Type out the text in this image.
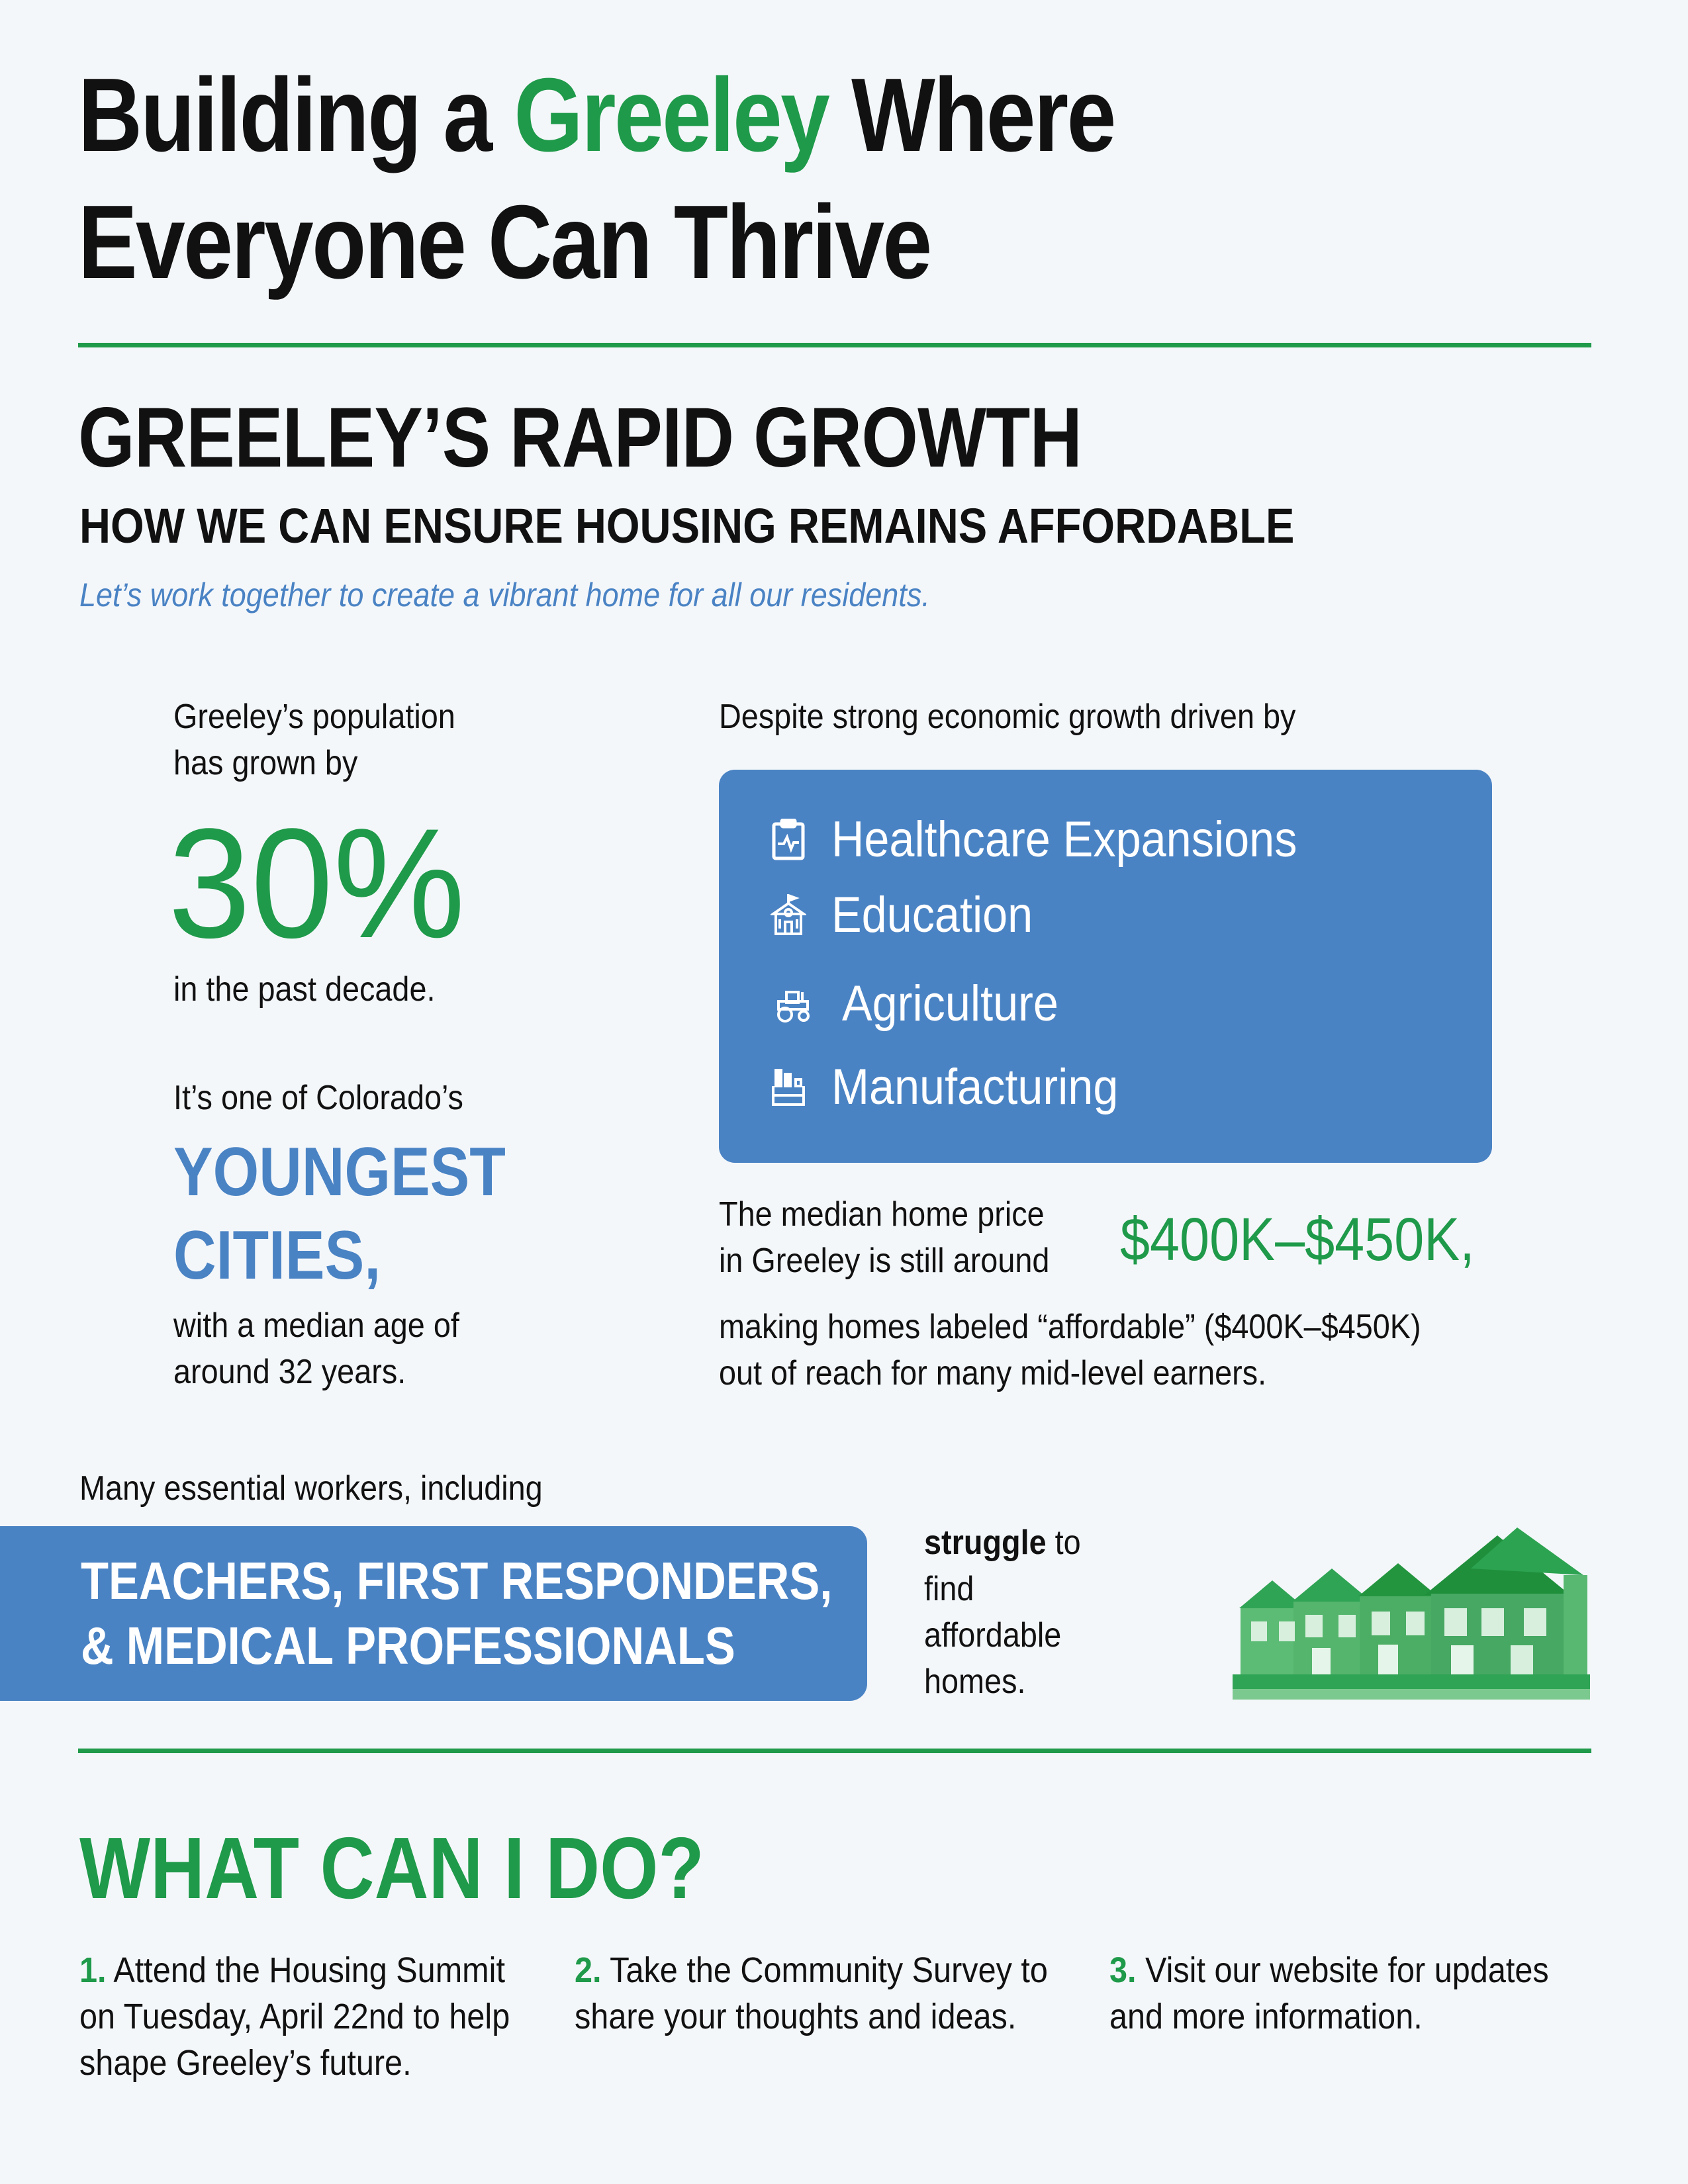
Building a Greeley Where
Everyone Can Thrive
GREELEY’S RAPID GROWTH
HOW WE CAN ENSURE HOUSING REMAINS AFFORDABLE
Let’s work together to create a vibrant home for all our residents.
Greeley’s population
has grown by
30%
in the past decade.
It’s one of Colorado’s
YOUNGEST
CITIES,
with a median age of
around 32 years.
Despite strong economic growth driven by
Healthcare Expansions
Education
Agriculture
Manufacturing
The median home price
in Greeley is still around	$400K–$450K,
making homes labeled “affordable” ($400K–$450K)
out of reach for many mid-level earners.
Many essential workers, including
TEACHERS, FIRST RESPONDERS,
& MEDICAL PROFESSIONALS
struggle to
find
affordable
homes.
WHAT CAN I DO?
1. Attend the Housing Summit on Tuesday, April 22nd to help shape Greeley’s future.
2. Take the Community Survey to share your thoughts and ideas.
3. Visit our website for updates and more information.
